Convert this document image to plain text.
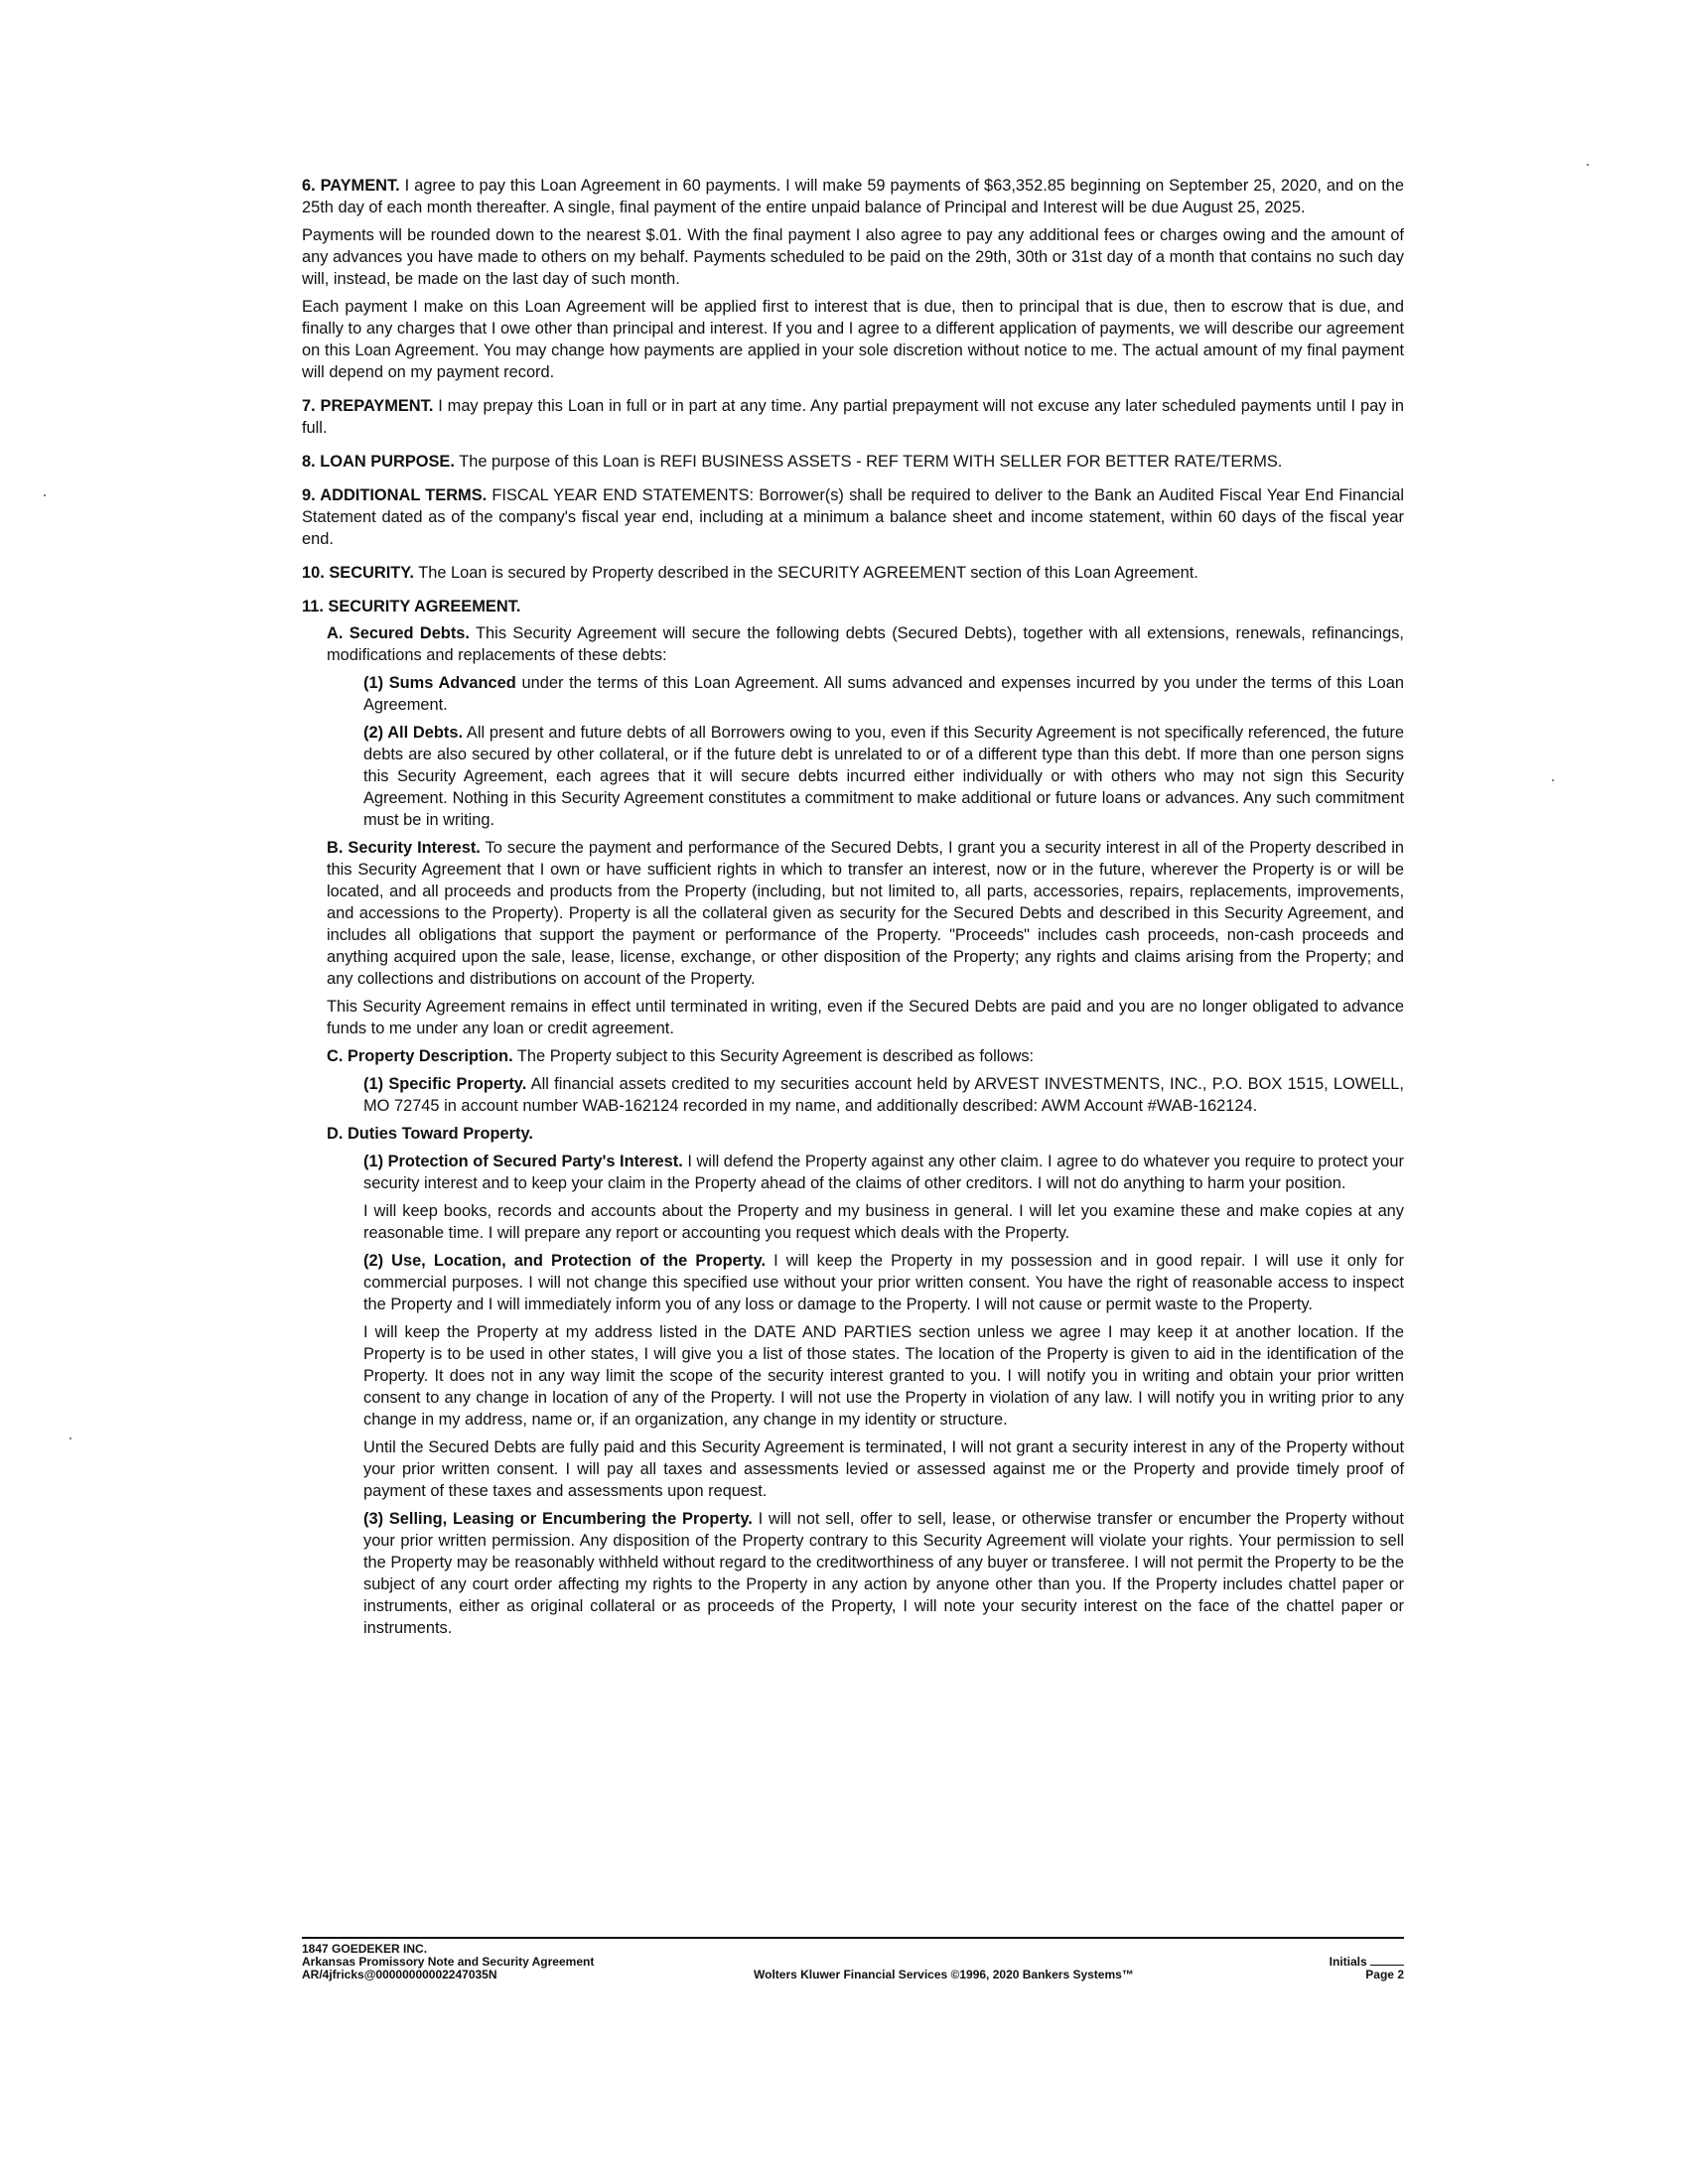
6. PAYMENT. I agree to pay this Loan Agreement in 60 payments. I will make 59 payments of $63,352.85 beginning on September 25, 2020, and on the 25th day of each month thereafter. A single, final payment of the entire unpaid balance of Principal and Interest will be due August 25, 2025.

Payments will be rounded down to the nearest $.01. With the final payment I also agree to pay any additional fees or charges owing and the amount of any advances you have made to others on my behalf. Payments scheduled to be paid on the 29th, 30th or 31st day of a month that contains no such day will, instead, be made on the last day of such month.

Each payment I make on this Loan Agreement will be applied first to interest that is due, then to principal that is due, then to escrow that is due, and finally to any charges that I owe other than principal and interest. If you and I agree to a different application of payments, we will describe our agreement on this Loan Agreement. You may change how payments are applied in your sole discretion without notice to me. The actual amount of my final payment will depend on my payment record.

7. PREPAYMENT. I may prepay this Loan in full or in part at any time. Any partial prepayment will not excuse any later scheduled payments until I pay in full.

8. LOAN PURPOSE. The purpose of this Loan is REFI BUSINESS ASSETS - REF TERM WITH SELLER FOR BETTER RATE/TERMS.

9. ADDITIONAL TERMS. FISCAL YEAR END STATEMENTS: Borrower(s) shall be required to deliver to the Bank an Audited Fiscal Year End Financial Statement dated as of the company's fiscal year end, including at a minimum a balance sheet and income statement, within 60 days of the fiscal year end.

10. SECURITY. The Loan is secured by Property described in the SECURITY AGREEMENT section of this Loan Agreement.

11. SECURITY AGREEMENT.

A. Secured Debts. This Security Agreement will secure the following debts (Secured Debts), together with all extensions, renewals, refinancings, modifications and replacements of these debts:

(1) Sums Advanced under the terms of this Loan Agreement. All sums advanced and expenses incurred by you under the terms of this Loan Agreement.

(2) All Debts. All present and future debts of all Borrowers owing to you, even if this Security Agreement is not specifically referenced, the future debts are also secured by other collateral, or if the future debt is unrelated to or of a different type than this debt. If more than one person signs this Security Agreement, each agrees that it will secure debts incurred either individually or with others who may not sign this Security Agreement. Nothing in this Security Agreement constitutes a commitment to make additional or future loans or advances. Any such commitment must be in writing.

B. Security Interest. To secure the payment and performance of the Secured Debts, I grant you a security interest in all of the Property described in this Security Agreement that I own or have sufficient rights in which to transfer an interest, now or in the future, wherever the Property is or will be located, and all proceeds and products from the Property (including, but not limited to, all parts, accessories, repairs, replacements, improvements, and accessions to the Property). Property is all the collateral given as security for the Secured Debts and described in this Security Agreement, and includes all obligations that support the payment or performance of the Property. "Proceeds" includes cash proceeds, non-cash proceeds and anything acquired upon the sale, lease, license, exchange, or other disposition of the Property; any rights and claims arising from the Property; and any collections and distributions on account of the Property.

This Security Agreement remains in effect until terminated in writing, even if the Secured Debts are paid and you are no longer obligated to advance funds to me under any loan or credit agreement.

C. Property Description. The Property subject to this Security Agreement is described as follows:

(1) Specific Property. All financial assets credited to my securities account held by ARVEST INVESTMENTS, INC., P.O. BOX 1515, LOWELL, MO 72745 in account number WAB-162124 recorded in my name, and additionally described: AWM Account #WAB-162124.

D. Duties Toward Property.

(1) Protection of Secured Party's Interest. I will defend the Property against any other claim. I agree to do whatever you require to protect your security interest and to keep your claim in the Property ahead of the claims of other creditors. I will not do anything to harm your position.

I will keep books, records and accounts about the Property and my business in general. I will let you examine these and make copies at any reasonable time. I will prepare any report or accounting you request which deals with the Property.

(2) Use, Location, and Protection of the Property. I will keep the Property in my possession and in good repair. I will use it only for commercial purposes. I will not change this specified use without your prior written consent. You have the right of reasonable access to inspect the Property and I will immediately inform you of any loss or damage to the Property. I will not cause or permit waste to the Property.

I will keep the Property at my address listed in the DATE AND PARTIES section unless we agree I may keep it at another location. If the Property is to be used in other states, I will give you a list of those states. The location of the Property is given to aid in the identification of the Property. It does not in any way limit the scope of the security interest granted to you. I will notify you in writing and obtain your prior written consent to any change in location of any of the Property. I will not use the Property in violation of any law. I will notify you in writing prior to any change in my address, name or, if an organization, any change in my identity or structure.

Until the Secured Debts are fully paid and this Security Agreement is terminated, I will not grant a security interest in any of the Property without your prior written consent. I will pay all taxes and assessments levied or assessed against me or the Property and provide timely proof of payment of these taxes and assessments upon request.

(3) Selling, Leasing or Encumbering the Property. I will not sell, offer to sell, lease, or otherwise transfer or encumber the Property without your prior written permission. Any disposition of the Property contrary to this Security Agreement will violate your rights. Your permission to sell the Property may be reasonably withheld without regard to the creditworthiness of any buyer or transferee. I will not permit the Property to be the subject of any court order affecting my rights to the Property in any action by anyone other than you. If the Property includes chattel paper or instruments, either as original collateral or as proceeds of the Property, I will note your security interest on the face of the chattel paper or instruments.

1847 GOEDEKER INC.
Arkansas Promissory Note and Security Agreement
AR/4jfricks@00000000002247035N	Wolters Kluwer Financial Services ©1996, 2020 Bankers Systems™
Initials
Page 2
